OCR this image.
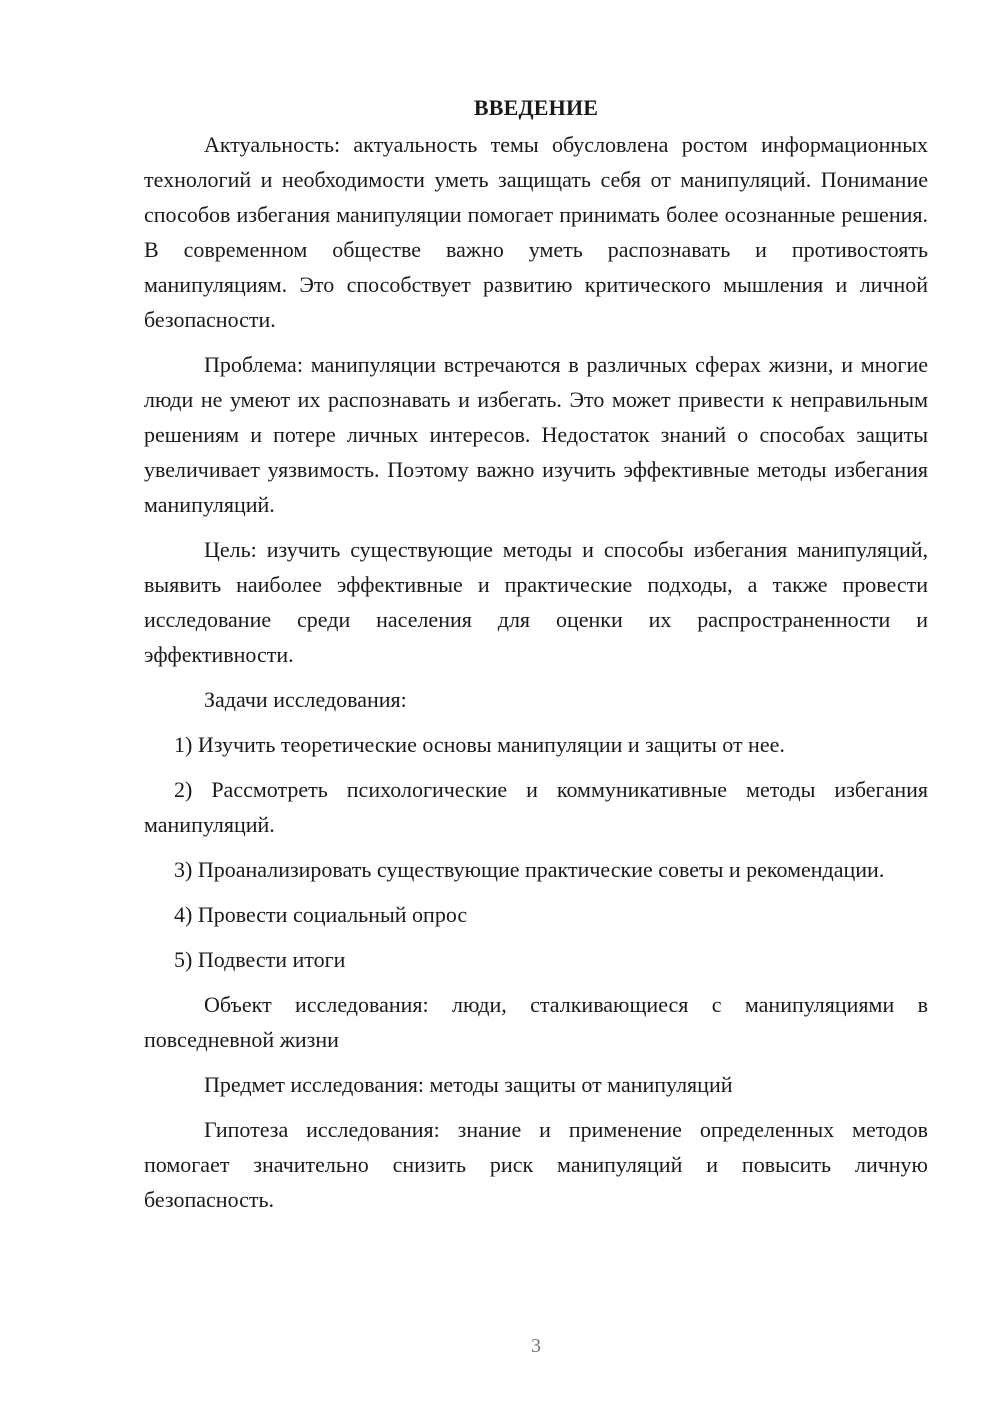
ВВЕДЕНИЕ

Актуальность: актуальность темы обусловлена ростом информационных технологий и необходимости уметь защищать себя от манипуляций. Понимание способов избегания манипуляции помогает принимать более осознанные решения. В современном обществе важно уметь распознавать и противостоять манипуляциям. Это способствует развитию критического мышления и личной безопасности.

Проблема: манипуляции встречаются в различных сферах жизни, и многие люди не умеют их распознавать и избегать. Это может привести к неправильным решениям и потере личных интересов. Недостаток знаний о способах защиты увеличивает уязвимость. Поэтому важно изучить эффективные методы избегания манипуляций.

Цель: изучить существующие методы и способы избегания манипуляций, выявить наиболее эффективные и практические подходы, а также провести исследование среди населения для оценки их распространенности и эффективности.

Задачи исследования:

1) Изучить теоретические основы манипуляции и защиты от нее.

2) Рассмотреть психологические и коммуникативные методы избегания манипуляций.

3) Проанализировать существующие практические советы и рекомендации.

4) Провести социальный опрос

5) Подвести итоги

Объект исследования: люди, сталкивающиеся с манипуляциями в повседневной жизни

Предмет исследования: методы защиты от манипуляций

Гипотеза исследования: знание и применение определенных методов помогает значительно снизить риск манипуляций и повысить личную безопасность.

3
